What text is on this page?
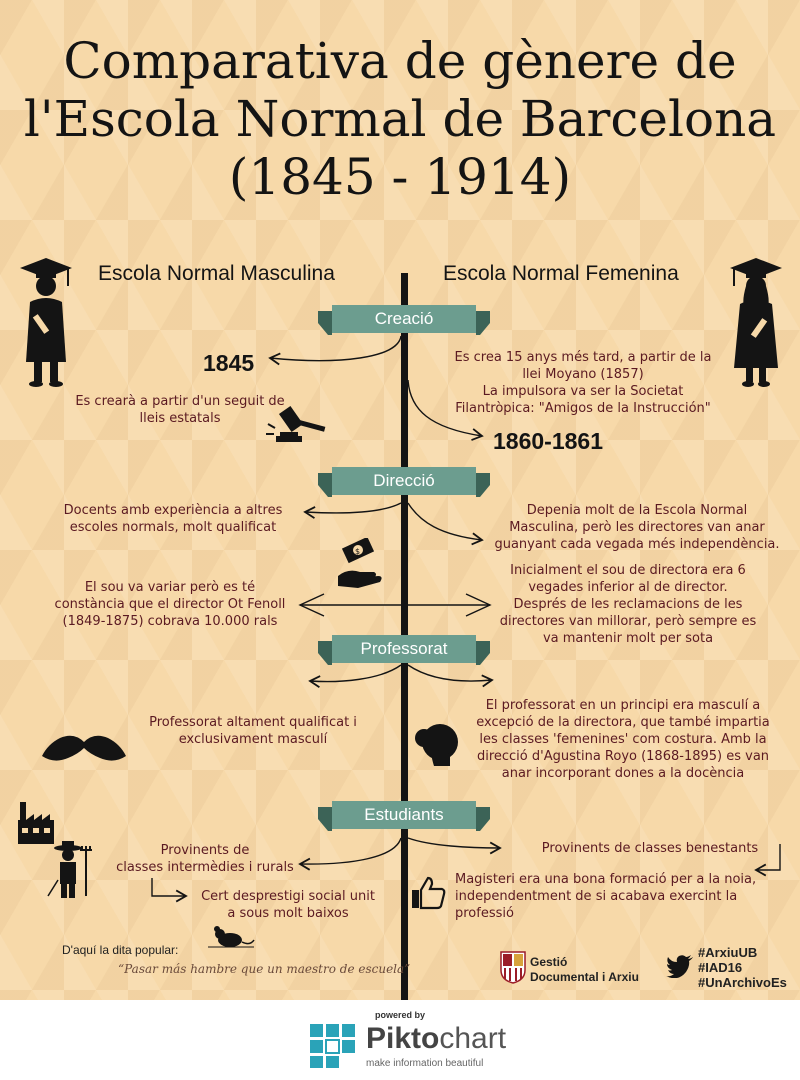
Comparativa de gènere de l'Escola Normal de Barcelona (1845 - 1914)
Escola Normal Masculina	Escola Normal Femenina
Creació
Direcció
Professorat
Estudiants
1845
Es crearà a partir d'un seguit de
lleis estatals
Es crea 15 anys més tard, a partir de la
llei Moyano (1857)
La impulsora va ser la Societat
Filantròpica: "Amigos de la Instrucción"
1860-1861
Docents amb experiència a altres
escoles normals, molt qualificat
Depenia molt de la Escola Normal
Masculina, però les directores van anar
guanyant cada vegada més independència.
El sou va variar però es té
constància que el director Ot Fenoll
(1849-1875) cobrava 10.000 rals
Inicialment el sou de directora era 6
vegades inferior al de director.
Després de les reclamacions de les
directores van millorar, però sempre es
va mantenir molt per sota
Professorat altament qualificat i
exclusivament masculí
El professorat en un principi era masculí a
excepció de la directora, que també impartia
les classes 'femenines' com costura. Amb la
direcció d'Agustina Royo (1868-1895) es van
anar incorporant dones a la docència
Provinents de
classes intermèdies i rurals
Cert desprestigi social unit
a sous molt baixos
Provinents de classes benestants
Magisteri era una bona formació per a la noia,
independentment de si acabava exercint la
professió
D'aquí la dita popular:
“Pasar más hambre que un maestro de escuela”	Gestió
Documental i Arxiu
#ArxiuUB
#IAD16
#UnArchivoEs
$
powered by
Piktochart
make information beautiful
